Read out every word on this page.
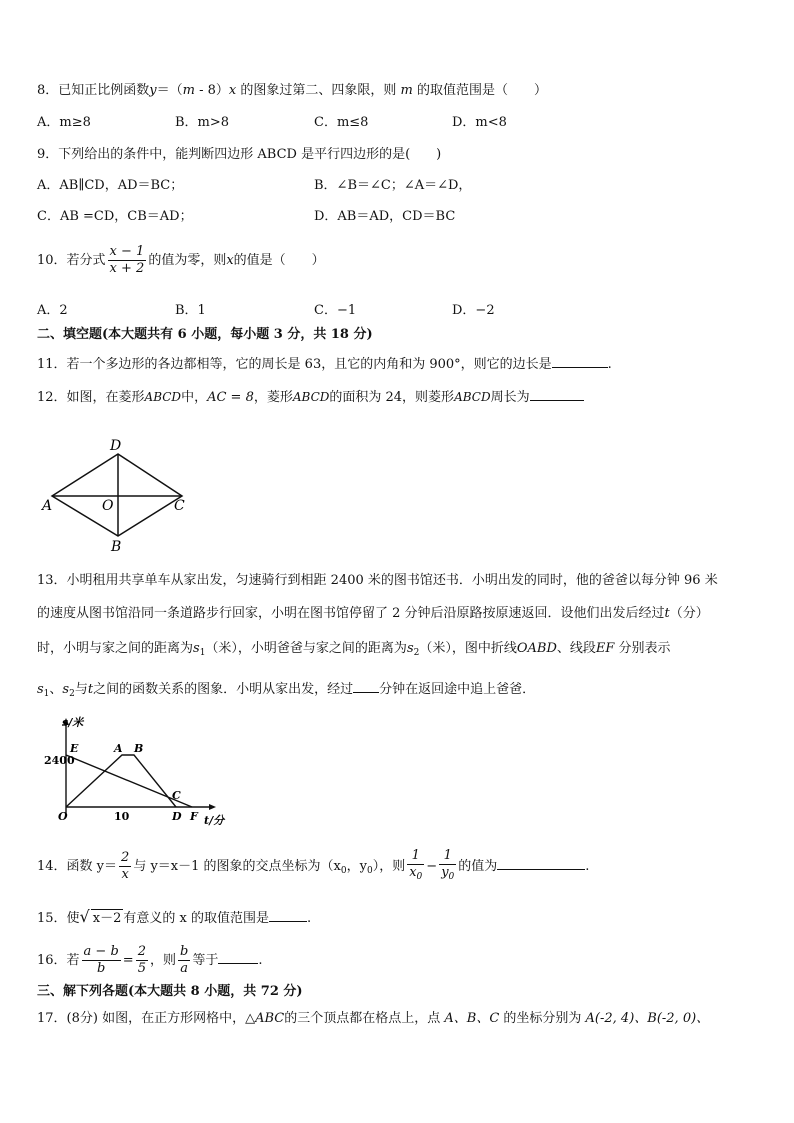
8．已知正比例函数y＝（m - 8）x 的图象过第二、四象限，则 m 的取值范围是（　　）
A．m≥8	B．m>8	C．m≤8	D．m<8
9．下列给出的条件中，能判断四边形 ABCD 是平行四边形的是(　　)
A．AB∥CD，AD＝BC；	B．∠B＝∠C；∠A＝∠D，
C．AB =CD，CB＝AD；	D．AB＝AD，CD＝BC
10．若分式 $\frac{x - 1}{x + 2}$ 的值为零，则x的值是（　　）
A．2	B．1	C．−1	D．−2
二、填空题(本大题共有 6 小题，每小题 3 分，共 18 分)
11．若一个多边形的各边都相等，它的周长是 63，且它的内角和为 900°，则它的边长是	.
12．如图，在菱形ABCD中，AC = 8，菱形ABCD的面积为 24，则菱形ABCD周长为
D
A	O	C
B
13．小明租用共享单车从家出发，匀速骑行到相距 2400 米的图书馆还书．小明出发的同时，他的爸爸以每分钟 96 米
的速度从图书馆沿同一条道路步行回家，小明在图书馆停留了 2 分钟后沿原路按原速返回．设他们出发后经过t（分）
时，小明与家之间的距离为$s_1$（米），小明爸爸与家之间的距离为$s_2$（米），图中折线OABD、线段EF 分别表示
$s_1$、$s_2$与t之间的函数关系的图象．小明从家出发，经过 分钟在返回途中追上爸爸．
s/米
t/分
2400
10
E	A B
C
O	D F
14．函数 $y= \frac{2}{x}$ 与 y＝x－1 的图象的交点坐标为（$x_0$，$y_0$），则 $\frac{1}{x_0} - \frac{1}{y_0}$ 的值为	.
15．使√ x－2 有意义的 x 的取值范围是	.
16．若 $\frac{a - b}{b} = \frac{2}{5}$ ，则 $\frac{b}{a}$ 等于	.
三、解下列各题(本大题共 8 小题，共 72 分)
17．(8分) 如图，在正方形网格中，△ABC的三个顶点都在格点上，点 A、B、C 的坐标分别为 A(-2, 4)、B(-2, 0)、
